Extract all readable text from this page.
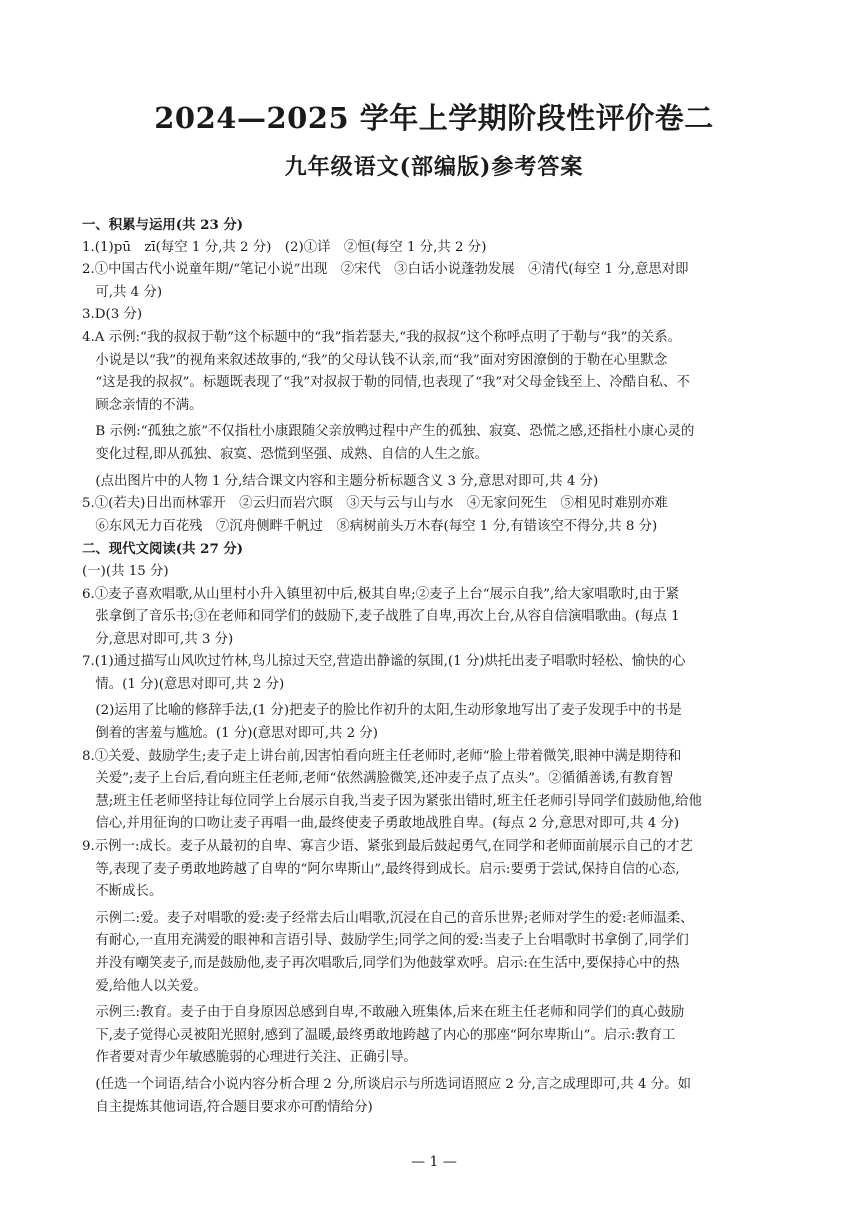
2024—2025 学年上学期阶段性评价卷二
九年级语文(部编版)参考答案
一、积累与运用(共 23 分)
1.(1)pū　zī(每空 1 分,共 2 分)　(2)①详　②恒(每空 1 分,共 2 分)
2.①中国古代小说童年期/“笔记小说”出现　②宋代　③白话小说蓬勃发展　④清代(每空 1 分,意思对即
　可,共 4 分)
3.D(3 分)
4.A 示例:“我的叔叔于勒”这个标题中的“我”指若瑟夫,“我的叔叔”这个称呼点明了于勒与“我”的关系。
　小说是以“我”的视角来叙述故事的,“我”的父母认钱不认亲,而“我”面对穷困潦倒的于勒在心里默念
　“这是我的叔叔”。标题既表现了“我”对叔叔于勒的同情,也表现了“我”对父母金钱至上、冷酷自私、不
　顾念亲情的不满。
　B 示例:“孤独之旅”不仅指杜小康跟随父亲放鸭过程中产生的孤独、寂寞、恐慌之感,还指杜小康心灵的
　变化过程,即从孤独、寂寞、恐慌到坚强、成熟、自信的人生之旅。
　(点出图片中的人物 1 分,结合课文内容和主题分析标题含义 3 分,意思对即可,共 4 分)
5.①(若夫)日出而林霏开　②云归而岩穴暝　③天与云与山与水　④无家问死生　⑤相见时难别亦难
　⑥东风无力百花残　⑦沉舟侧畔千帆过　⑧病树前头万木春(每空 1 分,有错该空不得分,共 8 分)
二、现代文阅读(共 27 分)
(一)(共 15 分)
6.①麦子喜欢唱歌,从山里村小升入镇里初中后,极其自卑;②麦子上台“展示自我”,给大家唱歌时,由于紧
　张拿倒了音乐书;③在老师和同学们的鼓励下,麦子战胜了自卑,再次上台,从容自信演唱歌曲。(每点 1
　分,意思对即可,共 3 分)
7.(1)通过描写山风吹过竹林,鸟儿掠过天空,营造出静谧的氛围,(1 分)烘托出麦子唱歌时轻松、愉快的心
　情。(1 分)(意思对即可,共 2 分)
　(2)运用了比喻的修辞手法,(1 分)把麦子的脸比作初升的太阳,生动形象地写出了麦子发现手中的书是
　倒着的害羞与尴尬。(1 分)(意思对即可,共 2 分)
8.①关爱、鼓励学生;麦子走上讲台前,因害怕看向班主任老师时,老师“脸上带着微笑,眼神中满是期待和
　关爱”;麦子上台后,看向班主任老师,老师“依然满脸微笑,还冲麦子点了点头”。②循循善诱,有教育智
　慧;班主任老师坚持让每位同学上台展示自我,当麦子因为紧张出错时,班主任老师引导同学们鼓励他,给他
　信心,并用征询的口吻让麦子再唱一曲,最终使麦子勇敢地战胜自卑。(每点 2 分,意思对即可,共 4 分)
9.示例一:成长。麦子从最初的自卑、寡言少语、紧张到最后鼓起勇气,在同学和老师面前展示自己的才艺
　等,表现了麦子勇敢地跨越了自卑的“阿尔卑斯山”,最终得到成长。启示:要勇于尝试,保持自信的心态,
　不断成长。
　示例二:爱。麦子对唱歌的爱:麦子经常去后山唱歌,沉浸在自己的音乐世界;老师对学生的爱:老师温柔、
　有耐心,一直用充满爱的眼神和言语引导、鼓励学生;同学之间的爱:当麦子上台唱歌时书拿倒了,同学们
　并没有嘲笑麦子,而是鼓励他,麦子再次唱歌后,同学们为他鼓掌欢呼。启示:在生活中,要保持心中的热
　爱,给他人以关爱。
　示例三:教育。麦子由于自身原因总感到自卑,不敢融入班集体,后来在班主任老师和同学们的真心鼓励
　下,麦子觉得心灵被阳光照射,感到了温暖,最终勇敢地跨越了内心的那座“阿尔卑斯山”。启示:教育工
　作者要对青少年敏感脆弱的心理进行关注、正确引导。
　(任选一个词语,结合小说内容分析合理 2 分,所谈启示与所选词语照应 2 分,言之成理即可,共 4 分。如
　自主提炼其他词语,符合题目要求亦可酌情给分)
— 1 —
